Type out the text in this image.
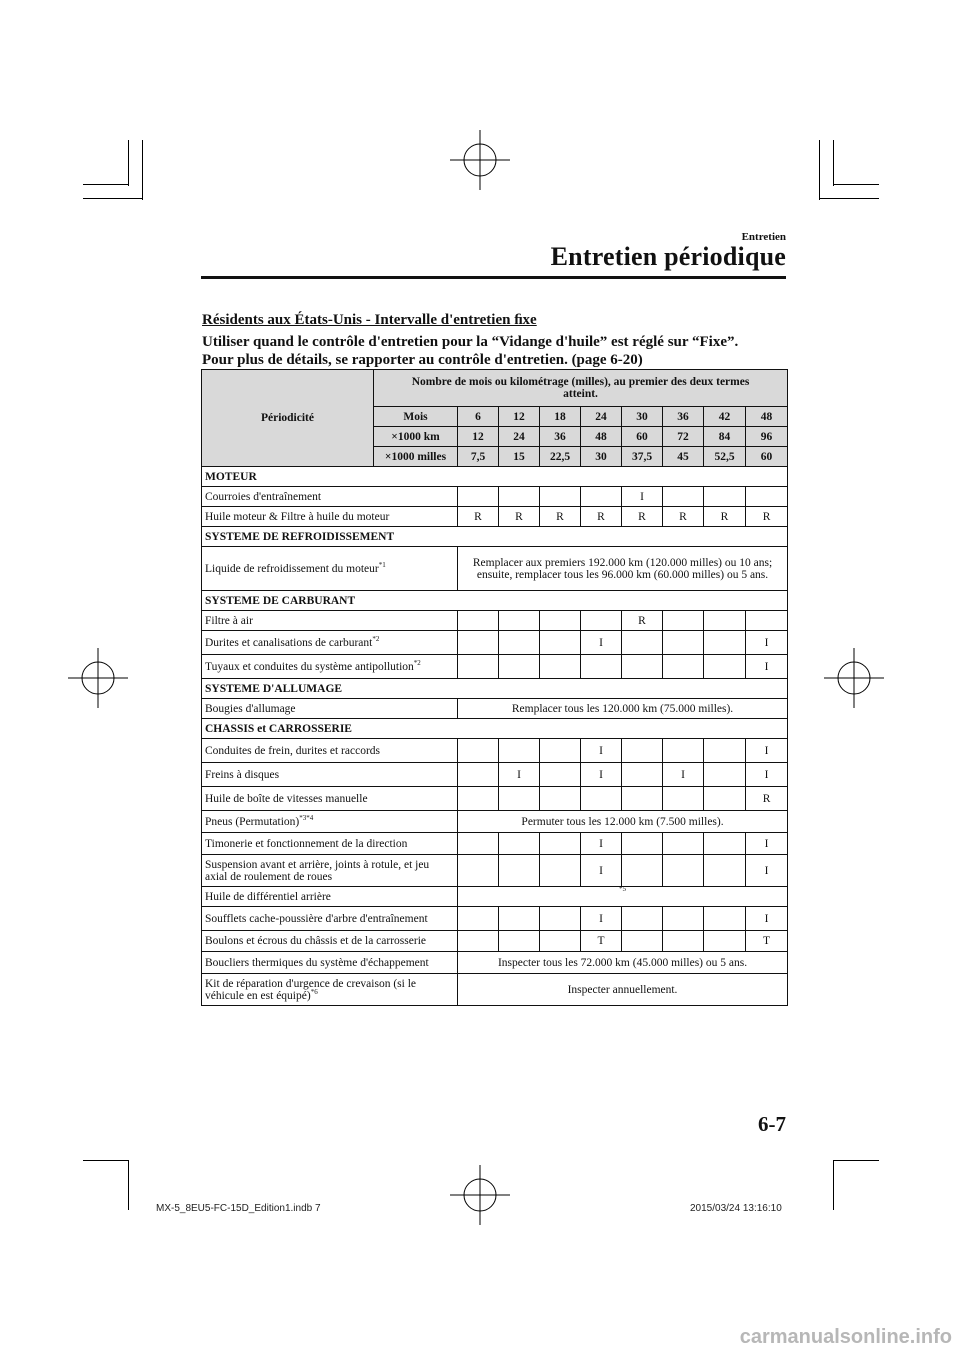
Entretien
Entretien périodique
Résidents aux États-Unis - Intervalle d'entretien ﬁxe
Utiliser quand le contrôle d'entretien pour la “Vidange d'huile” est réglé sur “Fixe”.
Pour plus de détails, se rapporter au contrôle d'entretien. (page 6-20)
Périodicité	Nombre de mois ou kilométrage (milles), au premier des deux termes atteint.								
	Mois	6	12	18	24	30	36	42	48
	×1000 km	12	24	36	48	60	72	84	96
	×1000 milles	7,5	15	22,5	30	37,5	45	52,5	60
MOTEUR									
Courroies d'entraînement						I			
Huile moteur & Filtre à huile du moteur		R	R	R	R	R	R	R	R
SYSTEME DE REFROIDISSEMENT									
Liquide de refroidissement du moteur$^{*1}$		Remplacer aux premiers 192.000 km (120.000 milles) ou 10 ans; ensuite, remplacer tous les 96.000 km (60.000 milles) ou 5 ans.							
SYSTEME DE CARBURANT									
Filtre à air						R			
Durites et canalisations de carburant$^{*2}$					I				I
Tuyaux et conduites du système antipollution$^{*2}$									I
SYSTEME D'ALLUMAGE									
Bougies d'allumage		Remplacer tous les 120.000 km (75.000 milles).							
CHASSIS et CARROSSERIE									
Conduites de frein, durites et raccords					I				I
Freins à disques			I		I		I		I
Huile de boîte de vitesses manuelle									R
Pneus (Permutation)$^{*3*4}$		Permuter tous les 12.000 km (7.500 milles).							
Timonerie et fonctionnement de la direction					I				I
Suspension avant et arrière, joints à rotule, et jeu axial de roulement de roues					I				I
Huile de différentiel arrière		$^{*5}$
Soufflets cache-poussière d'arbre d'entraînement					I				I
Boulons et écrous du châssis et de la carrosserie					T				T
Boucliers thermiques du système d'échappement		Inspecter tous les 72.000 km (45.000 milles) ou 5 ans.							
Kit de réparation d'urgence de crevaison (si le véhicule en est équipé)$^{*6}$		Inspecter annuellement.							
6-7
MX-5_8EU5-FC-15D_Edition1.indb 7	2015/03/24 13:16:10
carmanualsonline.info
